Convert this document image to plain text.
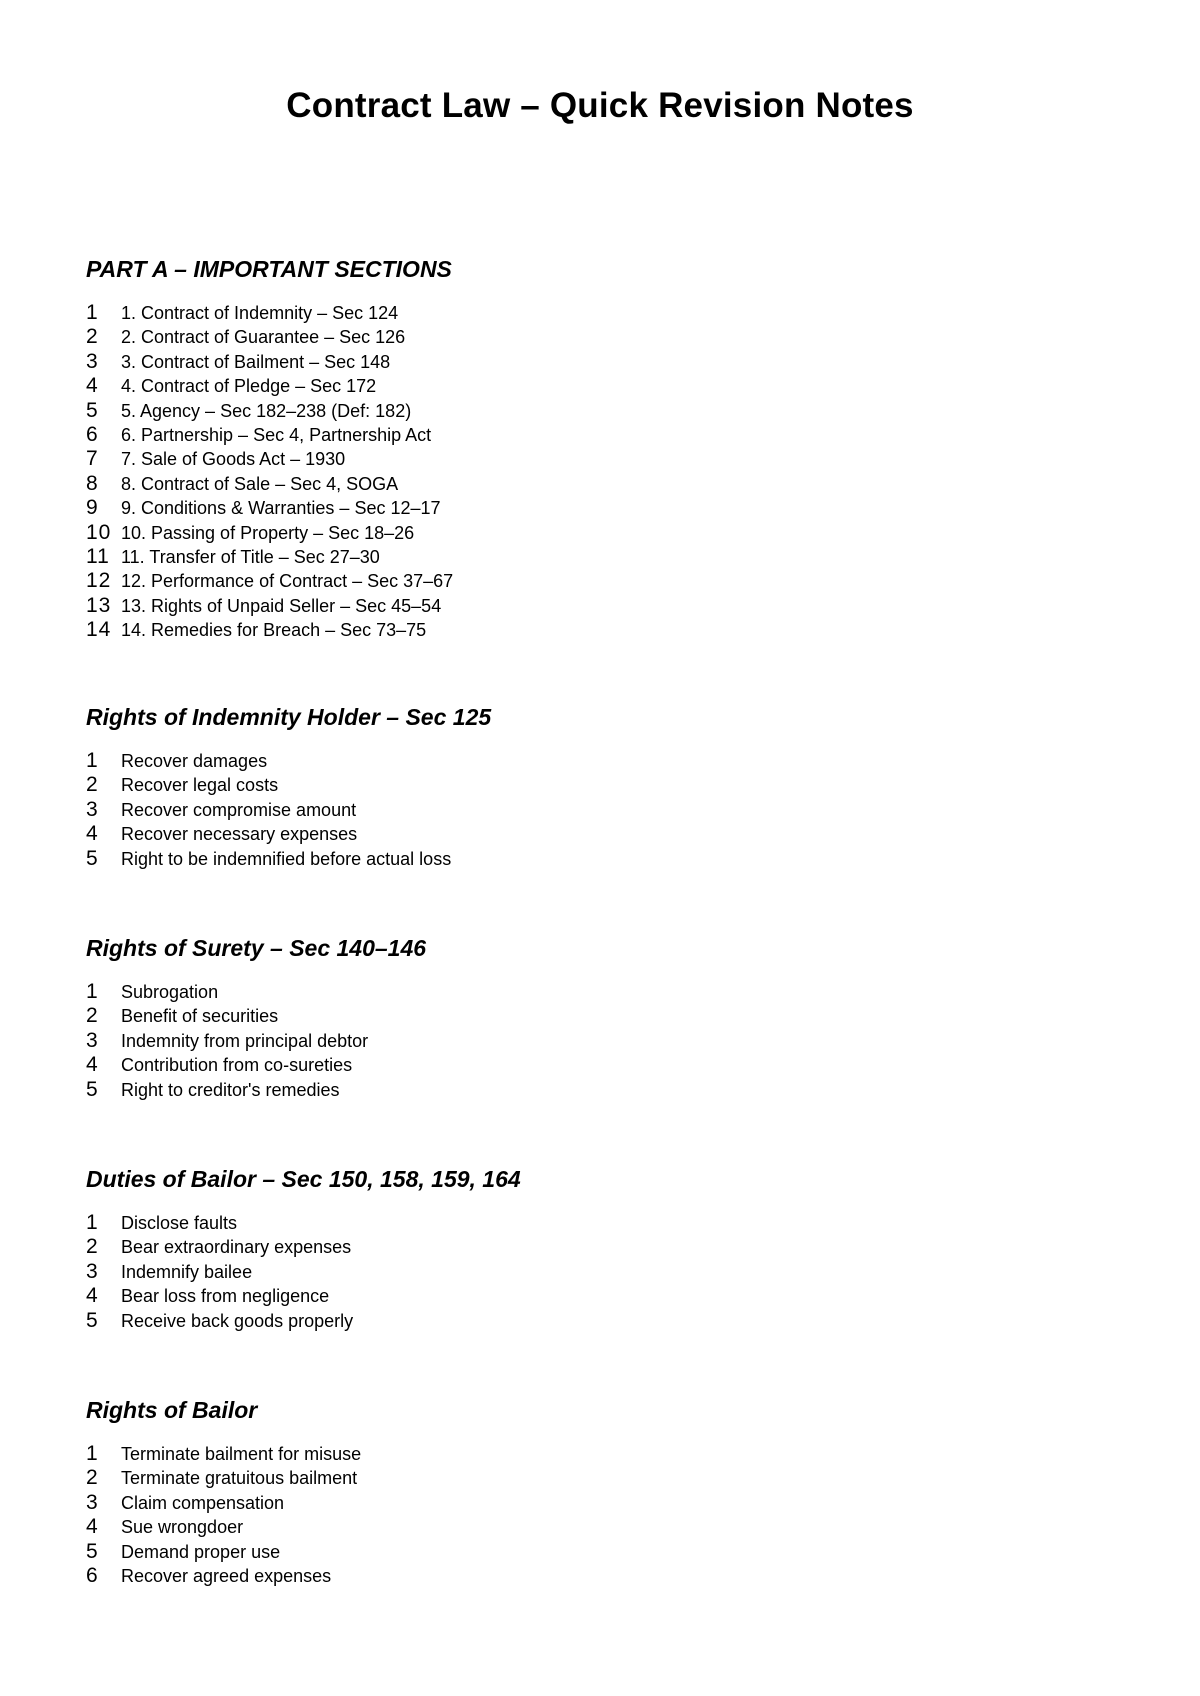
Contract Law – Quick Revision Notes
PART A – IMPORTANT SECTIONS
1	1. Contract of Indemnity – Sec 124
2	2. Contract of Guarantee – Sec 126
3	3. Contract of Bailment – Sec 148
4	4. Contract of Pledge – Sec 172
5	5. Agency – Sec 182–238 (Def: 182)
6	6. Partnership – Sec 4, Partnership Act
7	7. Sale of Goods Act – 1930
8	8. Contract of Sale – Sec 4, SOGA
9	9. Conditions & Warranties – Sec 12–17
10 10. Passing of Property – Sec 18–26
11 11. Transfer of Title – Sec 27–30
12 12. Performance of Contract – Sec 37–67
13 13. Rights of Unpaid Seller – Sec 45–54
14 14. Remedies for Breach – Sec 73–75
Rights of Indemnity Holder – Sec 125
1	Recover damages
2	Recover legal costs
3	Recover compromise amount
4	Recover necessary expenses
5	Right to be indemnified before actual loss
Rights of Surety – Sec 140–146
1	Subrogation
2	Benefit of securities
3	Indemnity from principal debtor
4	Contribution from co-sureties
5	Right to creditor's remedies
Duties of Bailor – Sec 150, 158, 159, 164
1	Disclose faults
2	Bear extraordinary expenses
3	Indemnify bailee
4	Bear loss from negligence
5	Receive back goods properly
Rights of Bailor
1	Terminate bailment for misuse
2	Terminate gratuitous bailment
3	Claim compensation
4	Sue wrongdoer
5	Demand proper use
6	Recover agreed expenses
